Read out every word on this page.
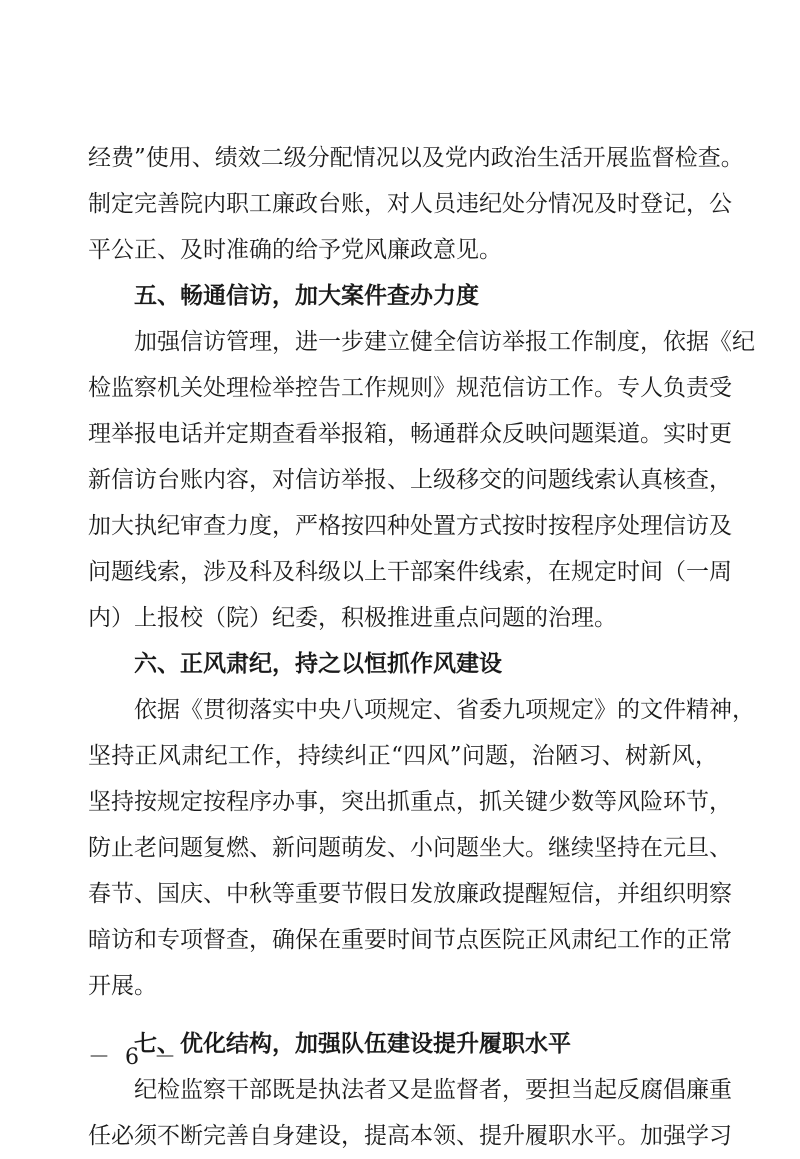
经费”使用、绩效二级分配情况以及党内政治生活开展监督检查。
制定完善院内职工廉政台账，对人员违纪处分情况及时登记，公
平公正、及时准确的给予党风廉政意见。
五、畅通信访，加大案件查办力度
加强信访管理，进一步建立健全信访举报工作制度，依据《纪
检监察机关处理检举控告工作规则》规范信访工作。专人负责受
理举报电话并定期查看举报箱，畅通群众反映问题渠道。实时更
新信访台账内容，对信访举报、上级移交的问题线索认真核查，
加大执纪审查力度，严格按四种处置方式按时按程序处理信访及
问题线索，涉及科及科级以上干部案件线索，在规定时间（一周
内）上报校（院）纪委，积极推进重点问题的治理。
六、正风肃纪，持之以恒抓作风建设
依据《贯彻落实中央八项规定、省委九项规定》的文件精神，
坚持正风肃纪工作，持续纠正“四风”问题，治陋习、树新风，
坚持按规定按程序办事，突出抓重点，抓关键少数等风险环节，
防止老问题复燃、新问题萌发、小问题坐大。继续坚持在元旦、
春节、国庆、中秋等重要节假日发放廉政提醒短信，并组织明察
暗访和专项督查，确保在重要时间节点医院正风肃纪工作的正常
开展。
七、优化结构，加强队伍建设提升履职水平
纪检监察干部既是执法者又是监督者，要担当起反腐倡廉重
任必须不断完善自身建设，提高本领、提升履职水平。加强学习
－ 6 －
